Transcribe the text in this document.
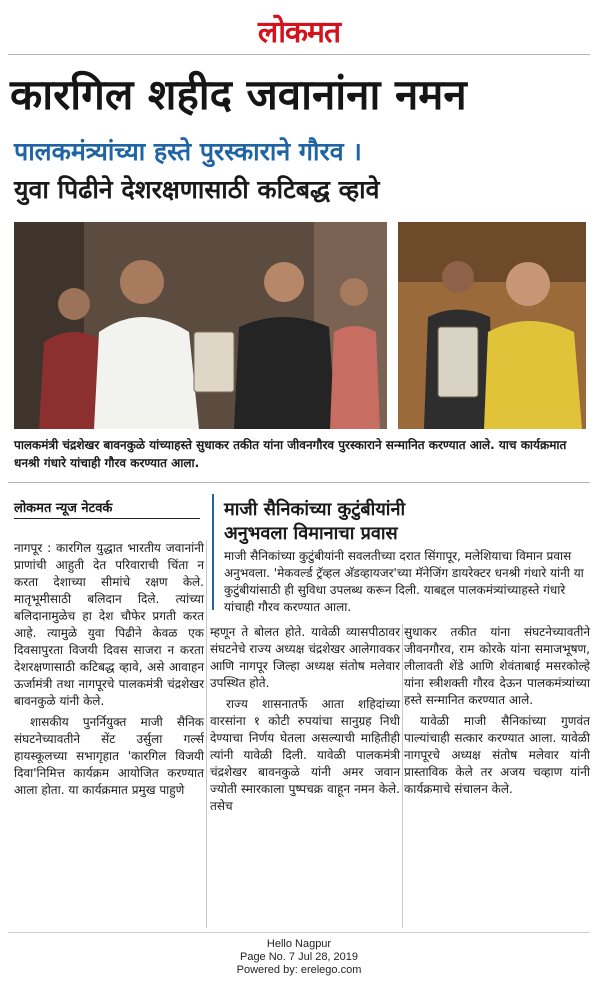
लोकमत
कारगिल शहीद जवानांना नमन
पालकमंत्र्यांच्या हस्ते पुरस्काराने गौरव ।
युवा पिढीने देशरक्षणासाठी कटिबद्ध व्हावे
पालकमंत्री चंद्रशेखर बावनकुळे यांच्याहस्ते सुधाकर तकीत यांना जीवनगौरव पुरस्काराने सन्मानित करण्यात आले. याच कार्यक्रमात धनश्री गंधारे यांचाही गौरव करण्यात आला.
लोकमत न्यूज नेटवर्क	माजी सैनिकांच्या कुटुंबीयांनी
अनुभवला विमानाचा प्रवास
माजी सैनिकांच्या कुटुंबीयांनी सवलतीच्या दरात सिंगापूर, मलेशियाचा विमान प्रवास अनुभवला. 'मेकवर्ल्ड ट्रॅव्हल अ‍ॅडव्हायजर'च्या मॅनेजिंग डायरेक्टर धनश्री गंधारे यांनी या कुटुंबीयांसाठी ही सुविधा उपलब्ध करून दिली. याबद्दल पालकमंत्र्यांच्याहस्ते गंधारे यांचाही गौरव करण्यात आला.

नागपूर : कारगिल युद्धात भारतीय जवानांनी प्राणांची आहुती देत परिवाराची चिंता न करता देशाच्या सीमांचे रक्षण केले. मातृभूमीसाठी बलिदान दिले. त्यांच्या बलिदानामुळेच हा देश चौफेर प्रगती करत आहे. त्यामुळे युवा पिढीने केवळ एक दिवसापुरता विजयी दिवस साजरा न करता देशरक्षणासाठी कटिबद्ध व्हावे, असे आवाहन ऊर्जामंत्री तथा नागपूरचे पालकमंत्री चंद्रशेखर बावनकुळे यांनी केले.

शासकीय पुनर्नियुक्त माजी सैनिक संघटनेच्यावतीने सेंट उर्सुला गर्ल्स हायस्कूलच्या सभागृहात 'कारगिल विजयी दिवा'निमित्त कार्यक्रम आयोजित करण्यात आला होता. या कार्यक्रमात प्रमुख पाहुणे

म्हणून ते बोलत होते. यावेळी व्यासपीठावर संघटनेचे राज्य अध्यक्ष चंद्रशेखर आलेगावकर आणि नागपूर जिल्हा अध्यक्ष संतोष मलेवार उपस्थित होते.

राज्य शासनातर्फे आता शहिदांच्या वारसांना १ कोटी रुपयांचा सानुग्रह निधी देण्याचा निर्णय घेतला असल्याची माहितीही त्यांनी यावेळी दिली. यावेळी पालकमंत्री चंद्रशेखर बावनकुळे यांनी अमर जवान ज्योती स्मारकाला पुष्पचक्र वाहून नमन केले. तसेच

सुधाकर तकीत यांना संघटनेच्यावतीने जीवनगौरव, राम कोरके यांना समाजभूषण, लीलावती शेंडे आणि शेवंताबाई मसरकोल्हे यांना स्त्रीशक्ती गौरव देऊन पालकमंत्र्यांच्या हस्ते सन्मानित करण्यात आले.

यावेळी माजी सैनिकांच्या गुणवंत पाल्यांचाही सत्कार करण्यात आला. यावेळी नागपूरचे अध्यक्ष संतोष मलेवार यांनी प्रास्ताविक केले तर अजय चव्हाण यांनी कार्यक्रमाचे संचालन केले.

Hello Nagpur
Page No. 7 Jul 28, 2019
Powered by: erelego.com
